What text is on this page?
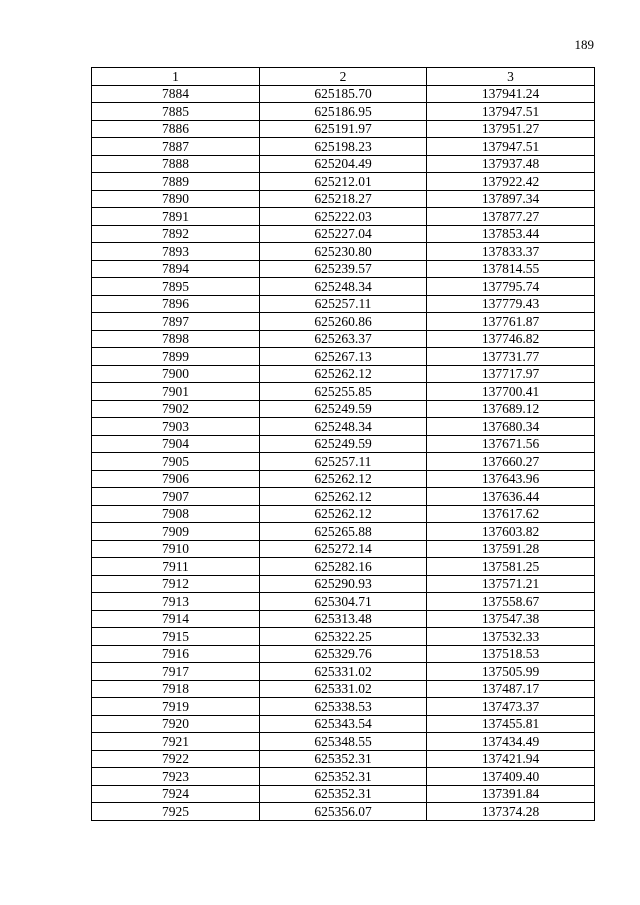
189
1	2	3
7884	625185.70	137941.24
7885	625186.95	137947.51
7886	625191.97	137951.27
7887	625198.23	137947.51
7888	625204.49	137937.48
7889	625212.01	137922.42
7890	625218.27	137897.34
7891	625222.03	137877.27
7892	625227.04	137853.44
7893	625230.80	137833.37
7894	625239.57	137814.55
7895	625248.34	137795.74
7896	625257.11	137779.43
7897	625260.86	137761.87
7898	625263.37	137746.82
7899	625267.13	137731.77
7900	625262.12	137717.97
7901	625255.85	137700.41
7902	625249.59	137689.12
7903	625248.34	137680.34
7904	625249.59	137671.56
7905	625257.11	137660.27
7906	625262.12	137643.96
7907	625262.12	137636.44
7908	625262.12	137617.62
7909	625265.88	137603.82
7910	625272.14	137591.28
7911	625282.16	137581.25
7912	625290.93	137571.21
7913	625304.71	137558.67
7914	625313.48	137547.38
7915	625322.25	137532.33
7916	625329.76	137518.53
7917	625331.02	137505.99
7918	625331.02	137487.17
7919	625338.53	137473.37
7920	625343.54	137455.81
7921	625348.55	137434.49
7922	625352.31	137421.94
7923	625352.31	137409.40
7924	625352.31	137391.84
7925	625356.07	137374.28
